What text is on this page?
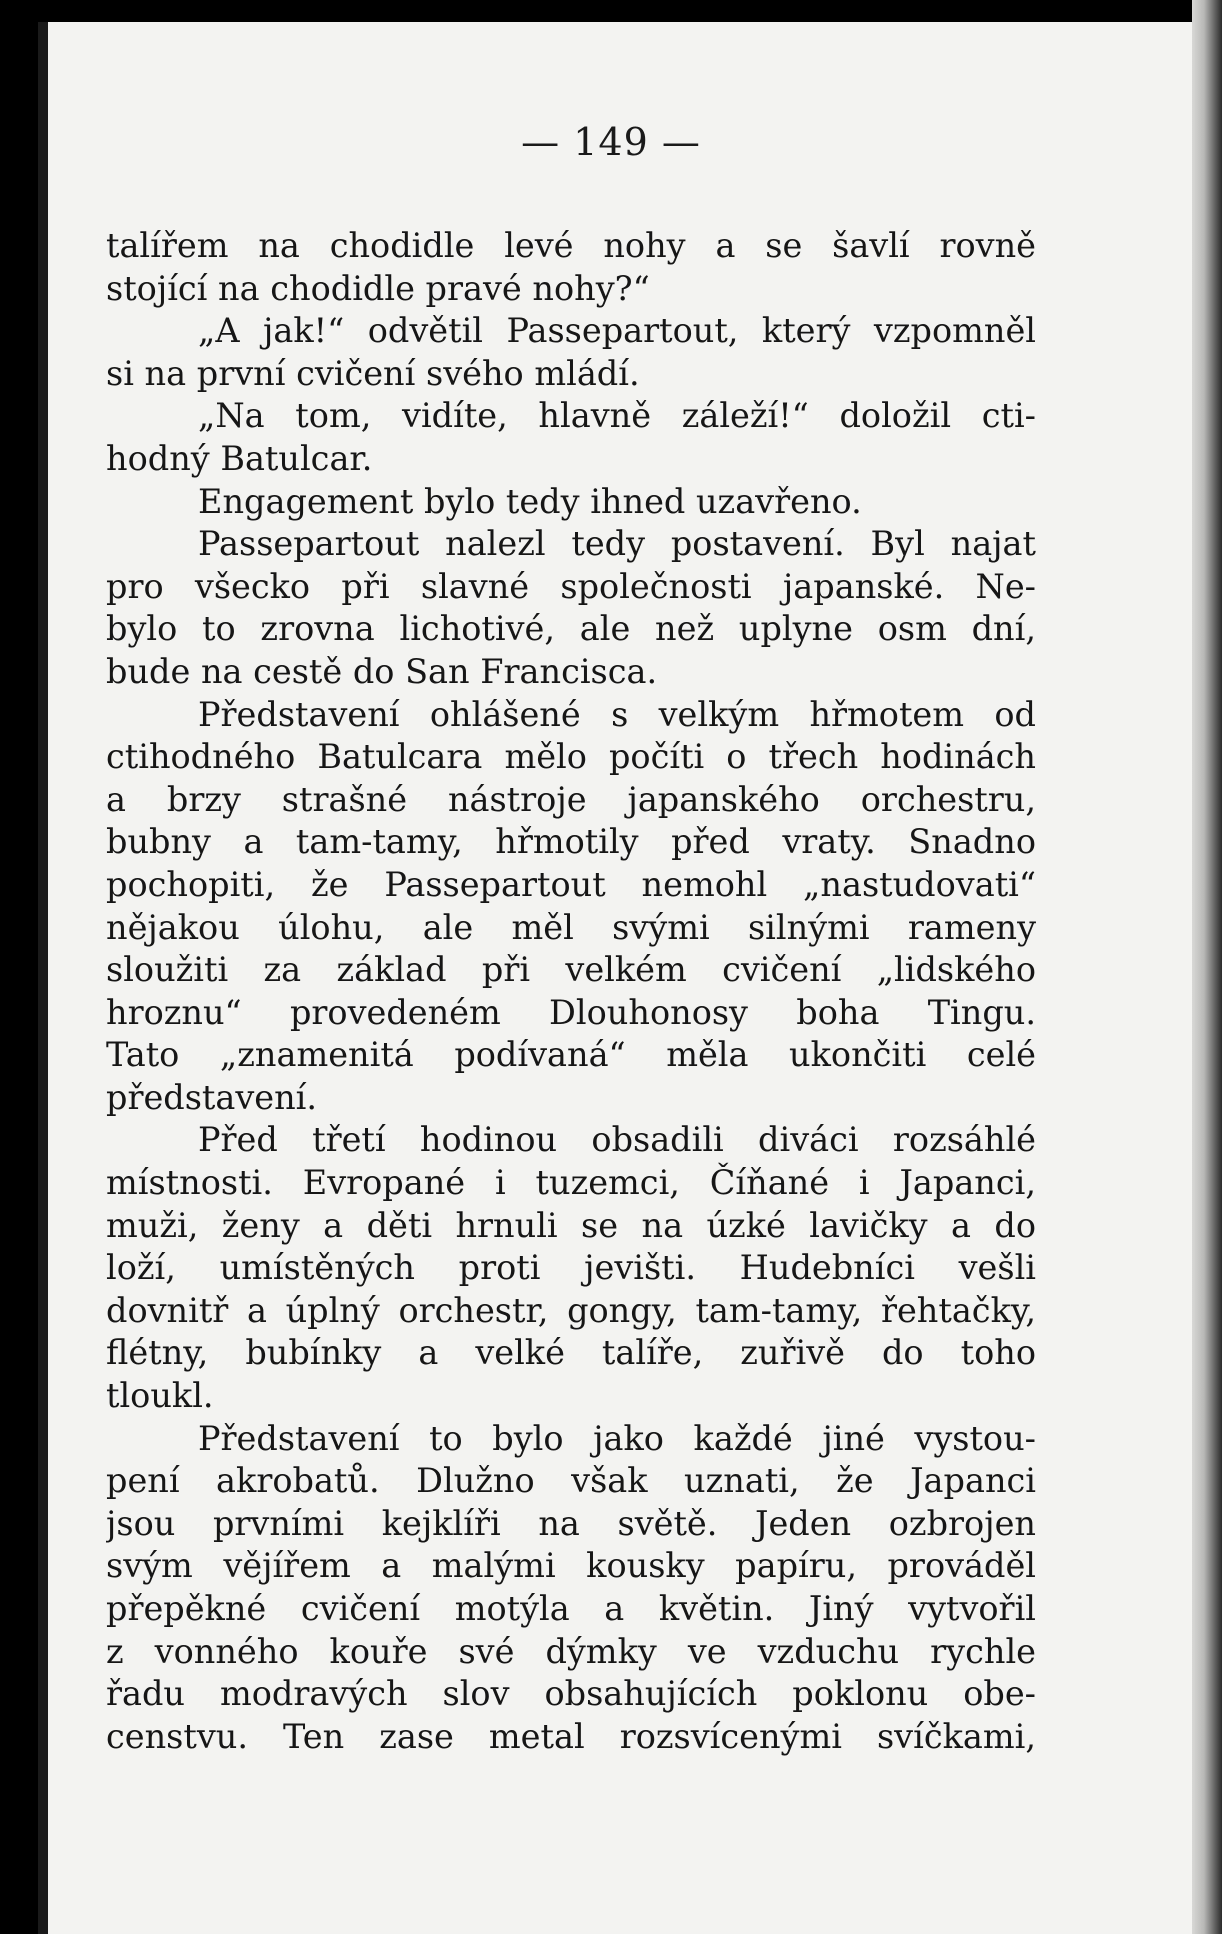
— 149 —
talířem na chodidle levé nohy a se šavlí rovně
stojící na chodidle pravé nohy?“
„A jak!“ odvětil Passepartout, který vzpomněl
si na první cvičení svého mládí.
„Na tom, vidíte, hlavně záleží!“ doložil cti-
hodný Batulcar.
Engagement bylo tedy ihned uzavřeno.
Passepartout nalezl tedy postavení. Byl najat
pro všecko při slavné společnosti japanské. Ne-
bylo to zrovna lichotivé, ale než uplyne osm dní,
bude na cestě do San Francisca.
Představení ohlášené s velkým hřmotem od
ctihodného Batulcara mělo počíti o třech hodinách
a brzy strašné nástroje japanského orchestru,
bubny a tam-tamy, hřmotily před vraty. Snadno
pochopiti, že Passepartout nemohl „nastudovati“
nějakou úlohu, ale měl svými silnými rameny
sloužiti za základ při velkém cvičení „lidského
hroznu“ provedeném Dlouhonosy boha Tingu.
Tato „znamenitá podívaná“ měla ukončiti celé
představení.
Před třetí hodinou obsadili diváci rozsáhlé
místnosti. Evropané i tuzemci, Číňané i Japanci,
muži, ženy a děti hrnuli se na úzké lavičky a do
loží, umístěných proti jevišti. Hudebníci vešli
dovnitř a úplný orchestr, gongy, tam-tamy, řehtačky,
flétny, bubínky a velké talíře, zuřivě do toho
tloukl.
Představení to bylo jako každé jiné vystou-
pení akrobatů. Dlužno však uznati, že Japanci
jsou prvními kejklíři na světě. Jeden ozbrojen
svým vějířem a malými kousky papíru, prováděl
přepěkné cvičení motýla a květin. Jiný vytvořil
z vonného kouře své dýmky ve vzduchu rychle
řadu modravých slov obsahujících poklonu obe-
censtvu. Ten zase metal rozsvícenými svíčkami,
